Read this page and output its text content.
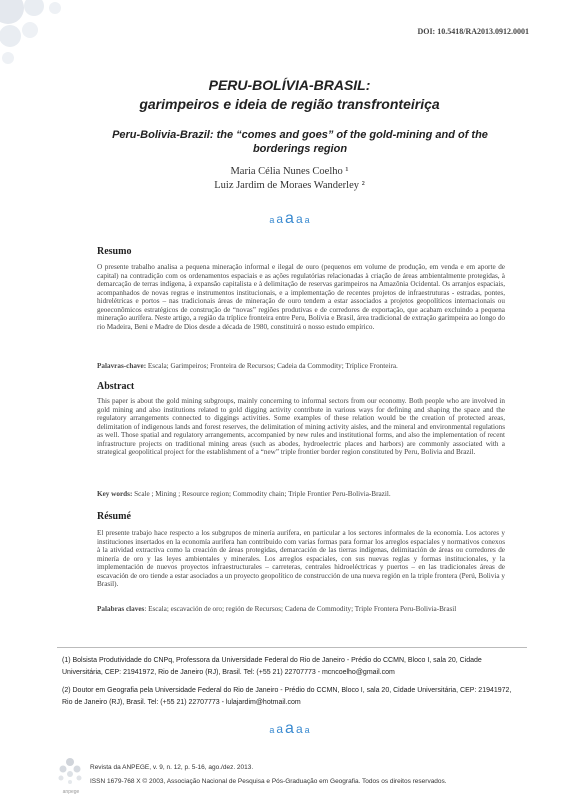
DOI: 10.5418/RA2013.0912.0001
PERU-BOLÍVIA-BRASIL:
garimpeiros e ideia de região transfronteiriça
Peru-Bolivia-Brazil: the “comes and goes” of the gold-mining and of the borderings region
Maria Célia Nunes Coelho ¹
Luiz Jardim de Moraes Wanderley ²
a a a a a
Resumo
O presente trabalho analisa a pequena mineração informal e ilegal de ouro (pequenos em volume de produção, em venda e em aporte de capital) na contradição com os ordenamentos espaciais e as ações regulatórias relacionadas à criação de áreas ambientalmente protegidas, à demarcação de terras indígena, à expansão capitalista e à delimitação de reservas garimpeiros na Amazônia Ocidental. Os arranjos espaciais, acompanhados de novas regras e instrumentos institucionais, e a implementação de recentes projetos de infraestruturas - estradas, pontes, hidrelétricas e portos – nas tradicionais áreas de mineração de ouro tendem a estar associados a projetos geopolíticos internacionais ou geoeconômicos estratégicos de construção de “novas” regiões produtivas e de corredores de exportação, que acabam excluindo a pequena mineração aurífera. Neste artigo, a região da tríplice fronteira entre Peru, Bolívia e Brasil, área tradicional de extração garimpeira ao longo do rio Madeira, Beni e Madre de Dios desde a década de 1980, constituirá o nosso estudo empírico.
Palavras-chave: Escala; Garimpeiros; Fronteira de Recursos; Cadeia da Commodity; Tríplice Fronteira.
Abstract
This paper is about the gold mining subgroups, mainly concerning to informal sectors from our economy. Both people who are involved in gold mining and also institutions related to gold digging activity contribute in various ways for defining and shaping the space and the regulatory arrangements connected to diggings activities. Some examples of these relation would be the creation of protected areas, delimitation of indigenous lands and forest reserves, the delimitation of mining activity aisles, and the mineral and environmental regulations as well. Those spatial and regulatory arrangements, accompanied by new rules and institutional forms, and also the implementation of recent infrastructure projects on traditional mining areas (such as abodes, hydroelectric places and harbors) are commonly associated with a strategical geopolitical project for the establishment of a “new” triple frontier border region constituted by Peru, Bolivia and Brazil.
Key words: Scale ; Mining ; Resource region; Commodity chain; Triple Frontier Peru-Bolivia-Brazil.
Résumé
El presente trabajo hace respecto a los subgrupos de minería aurífera, en particular a los sectores informales de la economía. Los actores y instituciones insertados en la economía aurífera han contribuido com varias formas para formar los arreglos espaciales y normativos conexos à la atividad extractiva como la creación de áreas protegidas, demarcación de las tierras indígenas, delimitación de áreas ou corredores de minería de oro y las leyes ambientales y minerales. Los arreglos espaciales, con sus nuevas reglas y formas institucionales, y la implementación de nuevos proyectos infraestructurales – carreteras, centrales hidroeléctricas y puertos – en las tradicionales áreas de escavación de oro tiende a estar asociados a un proyecto geopolítico de construcción de una nueva región en la triple frontera (Perú, Bolivia y Brasil).
Palabras claves: Escala; escavación de oro; región de Recursos; Cadena de Commodity; Triple Frontera Peru-Bolivia-Brasil
(1) Bolsista Produtividade do CNPq, Professora da Universidade Federal do Rio de Janeiro - Prédio do CCMN, Bloco I, sala 20, Cidade Universitária, CEP: 21941972, Rio de Janeiro (RJ), Brasil. Tel: (+55 21) 22707773 - mcncoelho@gmail.com
(2) Doutor em Geografia pela Universidade Federal do Rio de Janeiro - Prédio do CCMN, Bloco I, sala 20, Cidade Universitária, CEP: 21941972, Rio de Janeiro (RJ), Brasil. Tel: (+55 21) 22707773 - lulajardim@hotmail.com
a a a a a
anpege
Revista da ANPEGE, v. 9, n. 12, p. 5-16, ago./dez. 2013.
ISSN 1679-768 X © 2003, Associação Nacional de Pesquisa e Pós-Graduação em Geografia. Todos os direitos reservados.
